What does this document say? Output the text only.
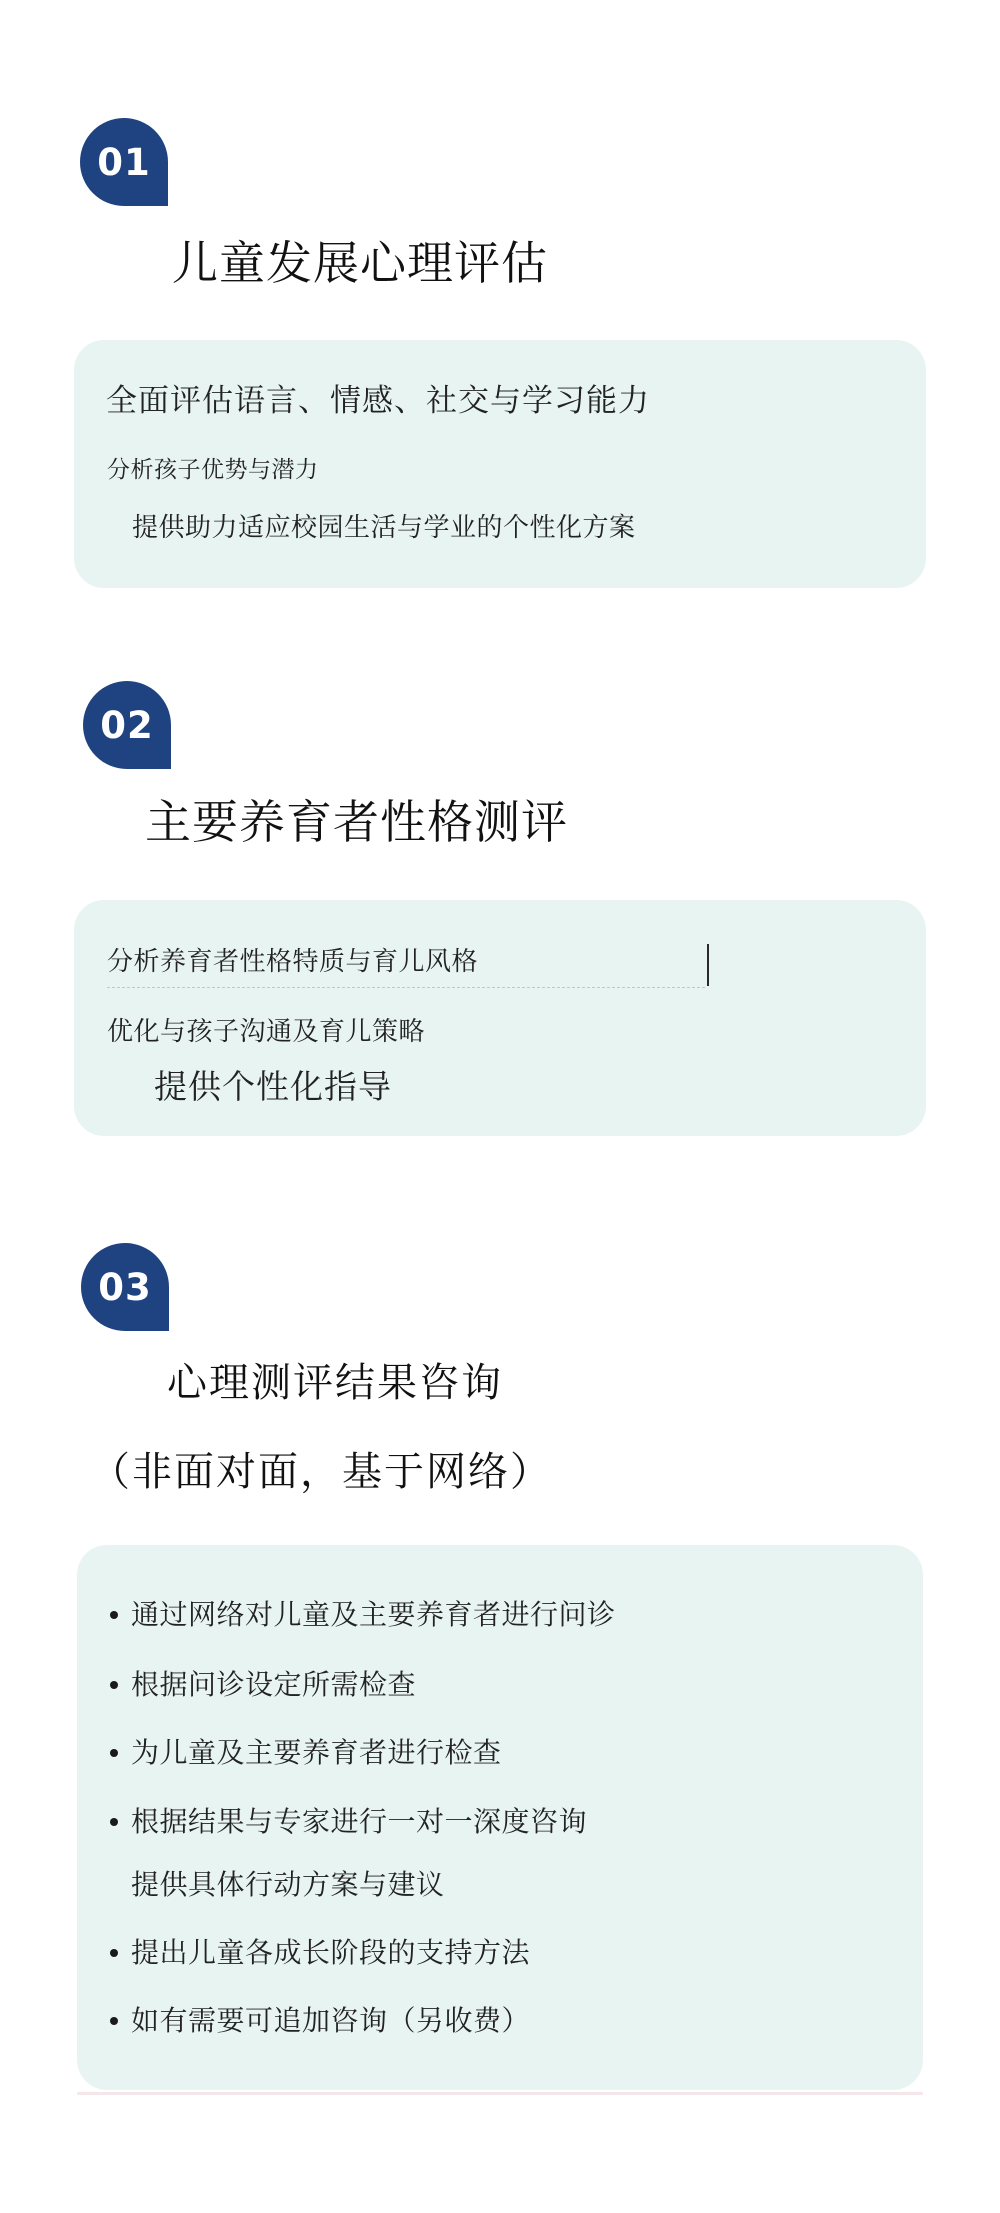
01
儿童发展心理评估

全面评估语言、情感、社交与学习能力

分析孩子优势与潜力

提供助力适应校园生活与学业的个性化方案

02
主要养育者性格测评

分析养育者性格特质与育儿风格

优化与孩子沟通及育儿策略

提供个性化指导

03
心理测评结果咨询
（非面对面，基于网络）

通过网络对儿童及主要养育者进行问诊

根据问诊设定所需检查

为儿童及主要养育者进行检查

根据结果与专家进行一对一深度咨询

提供具体行动方案与建议

提出儿童各成长阶段的支持方法

如有需要可追加咨询（另收费）
